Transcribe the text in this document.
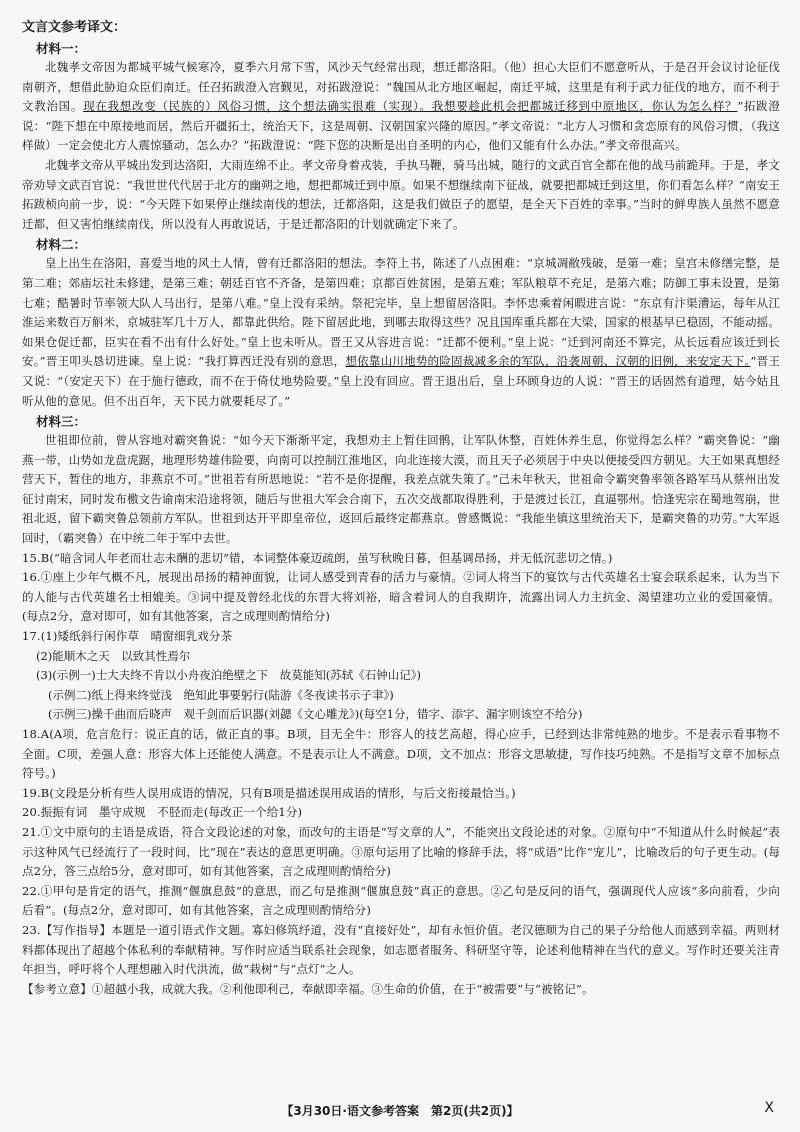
文言文参考译文：

材料一：

北魏孝文帝因为都城平城气候寒冷，夏季六月常下雪，风沙天气经常出现，想迁都洛阳。（他）担心大臣们不愿意听从，于是召开会议讨论征伐南朝齐，想借此胁迫众臣们南迁。任召拓跋澄入宫觐见，对拓跋澄说：“魏国从北方地区崛起，南迁平城，这里是有利于武力征伐的地方，而不利于文教治国。现在我想改变（民族的）风俗习惯，这个想法确实很难（实现）。我想要趁此机会把都城迁移到中原地区，你认为怎么样？”拓跋澄说：“陛下想在中原接地而居，然后开疆拓土，统治天下，这是周朝、汉朝国家兴隆的原因。”孝文帝说：“北方人习惯和贪恋原有的风俗习惯，（我这样做）一定会使北方人震惊骚动，怎么办？”拓跋澄说：“陛下您的决断是出自圣明的内心，他们又能有什么办法。”孝文帝很高兴。

北魏孝文帝从平城出发到达洛阳，大雨连绵不止。孝文帝身着戎装，手执马鞭，骑马出城，随行的文武百官全都在他的战马前跪拜。于是，孝文帝劝导文武百官说：“我世世代代居于北方的幽朔之地，想把都城迁到中原。如果不想继续南下征战，就要把都城迁到这里，你们看怎么样？”南安王拓跋桢向前一步，说：“今天陛下如果停止继续南伐的想法，迁都洛阳，这是我们做臣子的愿望，是全天下百姓的幸事。”当时的鲜卑族人虽然不愿意迁都，但又害怕继续南伐，所以没有人再敢说话，于是迁都洛阳的计划就确定下来了。

材料二：

皇上出生在洛阳，喜爱当地的风土人情，曾有迁都洛阳的想法。李符上书，陈述了八点困难：“京城凋敝残破，是第一难；皇宫未修缮完整，是第二难；郊庙坛社未修建，是第三难；朝廷百官不齐备，是第四难；京都百姓贫困，是第五难；军队粮草不充足，是第六难；防御工事未设置，是第七难；酷暑时节率领大队人马出行，是第八难。”皇上没有采纳。祭祀完毕，皇上想留居洛阳。李怀忠乘着闲暇进言说：“东京有汴渠漕运，每年从江淮运来数百万斛米，京城驻军几十万人，都靠此供给。陛下留居此地，到哪去取得这些？况且国库重兵都在大梁，国家的根基早已稳固，不能动摇。如果仓促迁都，臣实在看不出有什么好处。”皇上也未听从。晋王又从容进言说：“迁都不便利。”皇上说：“迁到河南还不算完，从长远看应该迁到长安。”晋王叩头恳切进谏。皇上说：“我打算西迁没有别的意思，想依靠山川地势的险固裁减多余的军队，沿袭周朝、汉朝的旧例，来安定天下。”晋王又说：“（安定天下）在于施行德政，而不在于倚仗地势险要。”皇上没有回应。晋王退出后，皇上环顾身边的人说：“晋王的话固然有道理，姑今姑且听从他的意见。但不出百年，天下民力就要耗尽了。”

材料三：

世祖即位前，曾从容地对霸突鲁说：“如今天下渐渐平定，我想劝主上暂住回鹘，让军队休整，百姓休养生息，你觉得怎么样？”霸突鲁说：“幽燕一带，山势如龙盘虎踞，地理形势雄伟险要，向南可以控制江淮地区，向北连接大漠，而且天子必须居于中央以便接受四方朝见。大王如果真想经营天下，暂住的地方，非燕京不可。”世祖若有所思地说：“若不是你提醒，我差点就失策了。”己未年秋天，世祖命令霸突鲁率领各路军马从蔡州出发征讨南宋，同时发布檄文告谕南宋沿途将领，随后与世祖大军会合南下，五次交战都取得胜利，于是渡过长江，直逼鄂州。恰逢宪宗在蜀地驾崩，世祖北返，留下霸突鲁总领前方军队。世祖到达开平即皇帝位，返回后最终定都燕京。曾感慨说：“我能坐镇这里统治天下，是霸突鲁的功劳。”大军返回时，（霸突鲁）在中统二年于军中去世。

15.B(“暗含词人年老而壮志未酬的悲切”错，本词整体豪迈疏朗，虽写秋晚日暮，但基调昂扬，并无低沉悲切之情。)

16.①座上少年气概不凡，展现出昂扬的精神面貌，让词人感受到青春的活力与豪情。②词人将当下的宴饮与古代英雄名士宴会联系起来，认为当下的人能与古代英雄名士相媲美。③词中提及曾经北伐的东晋大将刘裕，暗含着词人的自我期许，流露出词人力主抗金、渴望建功立业的爱国豪情。(每点2分，意对即可，如有其他答案，言之成理则酌情给分)

17.(1)矮纸斜行闲作草　晴窗细乳戏分茶

(2)能顺木之天　以致其性焉尔

(3)(示例一)士大夫终不肯以小舟夜泊绝壁之下　故莫能知(苏轼《石钟山记》)

(示例二)纸上得来终觉浅　绝知此事要躬行(陆游《冬夜读书示子聿》)

(示例三)操千曲而后晓声　观千剑而后识器(刘勰《文心雕龙》)(每空1分，错字、添字、漏字则该空不给分)

18.A(A项，危言危行：说正直的话，做正直的事。B项，目无全牛：形容人的技艺高超，得心应手，已经到达非常纯熟的地步。不是表示看事物不全面。C项，差强人意：形容大体上还能使人满意。不是表示让人不满意。D项，文不加点：形容文思敏捷，写作技巧纯熟。不是指写文章不加标点符号。)

19.B(文段是分析有些人误用成语的情况，只有B项是描述误用成语的情形，与后文衔接最恰当。)

20.振振有词　墨守成规　不胫而走(每改正一个给1分)

21.①文中原句的主语是成语，符合文段论述的对象，而改句的主语是“写文章的人”，不能突出文段论述的对象。②原句中“不知道从什么时候起”表示这种风气已经流行了一段时间，比“现在”表达的意思更明确。③原句运用了比喻的修辞手法，将“成语”比作“宠儿”，比喻改后的句子更生动。(每点2分，答三点给5分，意对即可，如有其他答案，言之成理则酌情给分)

22.①甲句是肯定的语气，推测“偃旗息鼓”的意思，而乙句是推测“偃旗息鼓”真正的意思。②乙句是反问的语气，强调现代人应该“多向前看，少向后看”。(每点2分，意对即可，如有其他答案，言之成理则酌情给分)

23.【写作指导】本题是一道引语式作文题。寡妇修筑纾道，没有“直接好处”，却有永恒价值。老汉德顺为自己的果子分给他人而感到幸福。两则材料都体现出了超越个体私利的奉献精神。写作时应适当联系社会现象，如志愿者服务、科研坚守等，论述利他精神在当代的意义。写作时还要关注青年担当，呼吁将个人理想融入时代洪流，做“栽树”与“点灯”之人。

【参考立意】①超越小我，成就大我。②利他即利己，奉献即幸福。③生命的价值，在于“被需要”与“被铭记”。

【3月30日·语文参考答案　第2页(共2页)】	X
